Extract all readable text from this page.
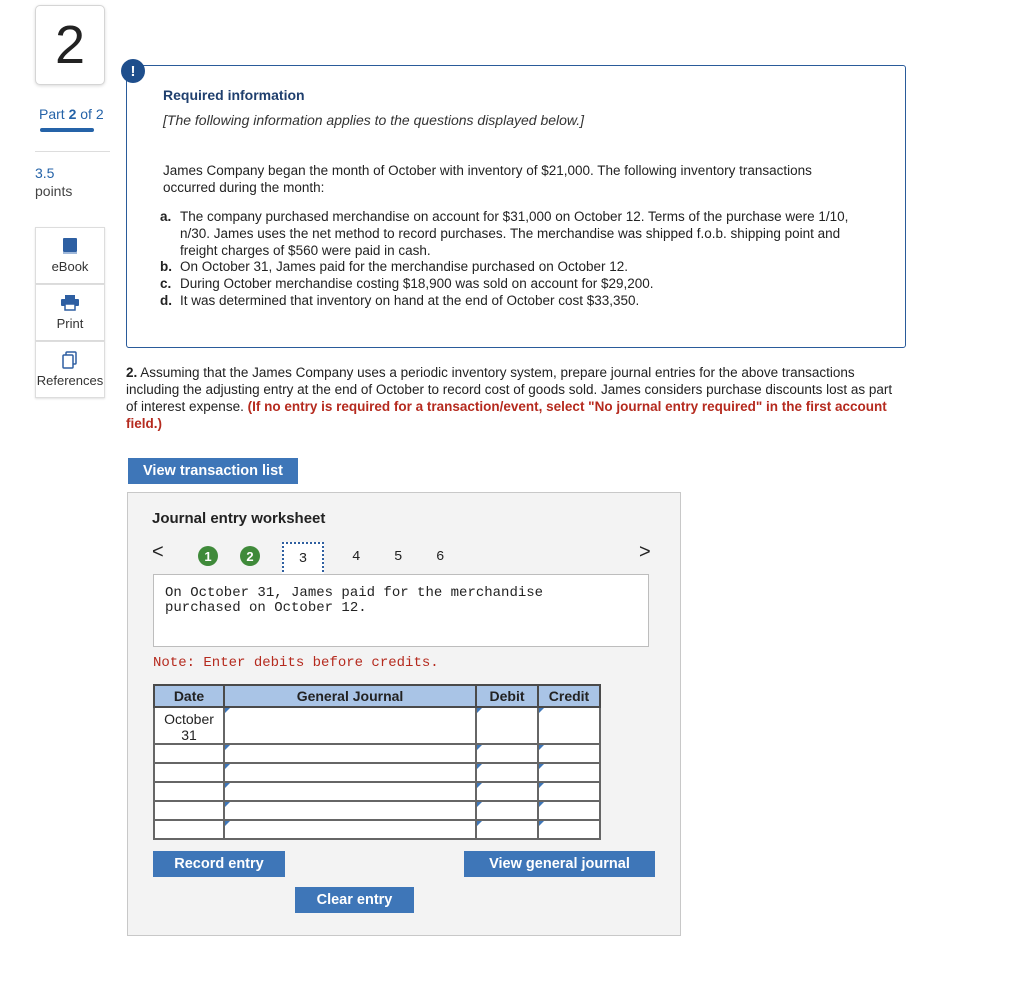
2
Part 2 of 2
3.5
points
eBook
Print
References
!
Required information
[The following information applies to the questions displayed below.]
James Company began the month of October with inventory of $21,000. The following inventory transactions occurred during the month:
a. The company purchased merchandise on account for $31,000 on October 12. Terms of the purchase were 1/10, n/30. James uses the net method to record purchases. The merchandise was shipped f.o.b. shipping point and freight charges of $560 were paid in cash.
b. On October 31, James paid for the merchandise purchased on October 12.
c. During October merchandise costing $18,900 was sold on account for $29,200.
d. It was determined that inventory on hand at the end of October cost $33,350.
2. Assuming that the James Company uses a periodic inventory system, prepare journal entries for the above transactions including the adjusting entry at the end of October to record cost of goods sold. James considers purchase discounts lost as part of interest expense. (If no entry is required for a transaction/event, select "No journal entry required" in the first account field.)
View transaction list
Journal entry worksheet
<	1	2	3	4 5 6	>
On October 31, James paid for the merchandise purchased on October 12.
Note: Enter debits before credits.
Date	General Journal	Debit	Credit

October
31			

Record entry	View general journal
Clear entry
